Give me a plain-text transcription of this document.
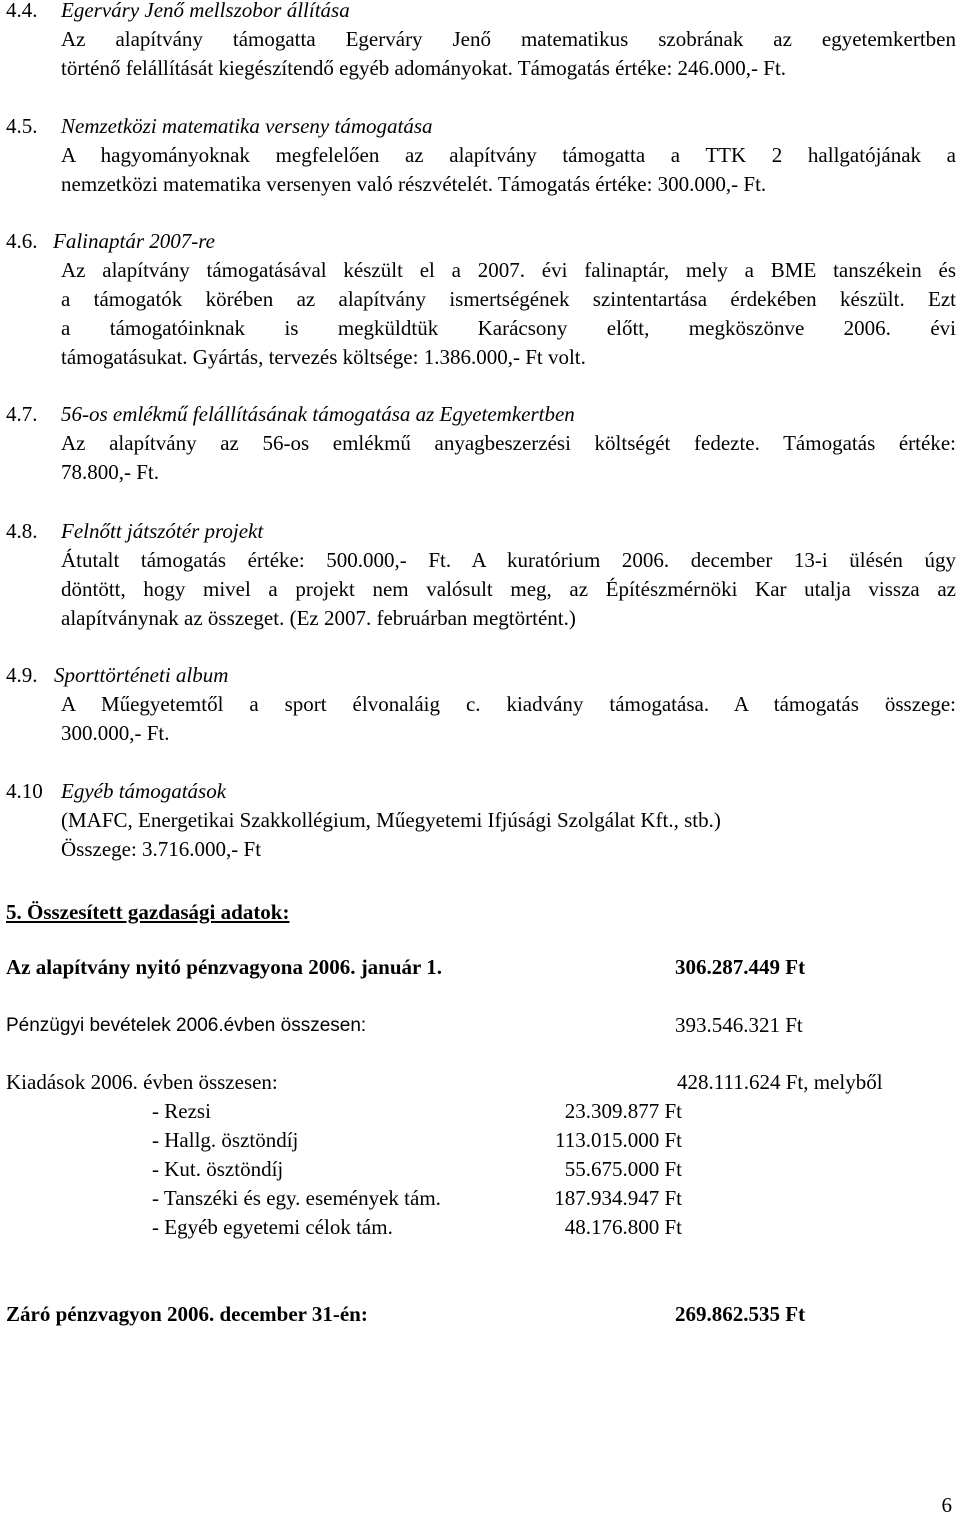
4.4. Egerváry Jenő mellszobor állítása
Az alapítvány támogatta Egerváry Jenő matematikus szobrának az egyetemkertben
történő felállítását kiegészítendő egyéb adományokat. Támogatás értéke: 246.000,- Ft.
4.5. Nemzetközi matematika verseny támogatása
A hagyományoknak megfelelően az alapítvány támogatta a TTK 2 hallgatójának a
nemzetközi matematika versenyen való részvételét. Támogatás értéke: 300.000,- Ft.
4.6. Falinaptár 2007-re
Az alapítvány támogatásával készült el a 2007. évi falinaptár, mely a BME tanszékein és
a támogatók körében az alapítvány ismertségének szintentartása érdekében készült. Ezt
a támogatóinknak is megküldtük Karácsony előtt, megköszönve 2006. évi
támogatásukat. Gyártás, tervezés költsége: 1.386.000,- Ft volt.
4.7. 56-os emlékmű felállításának támogatása az Egyetemkertben
Az alapítvány az 56-os emlékmű anyagbeszerzési költségét fedezte. Támogatás értéke:
78.800,- Ft.
4.8. Felnőtt játszótér projekt
Átutalt támogatás értéke: 500.000,- Ft. A kuratórium 2006. december 13-i ülésén úgy
döntött, hogy mivel a projekt nem valósult meg, az Építészmérnöki Kar utalja vissza az
alapítványnak az összeget. (Ez 2007. februárban megtörtént.)
4.9. Sporttörténeti album
A Műegyetemtől a sport élvonaláig c. kiadvány támogatása. A támogatás összege:
300.000,- Ft.
4.10 Egyéb támogatások
(MAFC, Energetikai Szakkollégium, Műegyetemi Ifjúsági Szolgálat Kft., stb.)
Összege: 3.716.000,- Ft
5. Összesített gazdasági adatok:
Az alapítvány nyitó pénzvagyona 2006. január 1.	306.287.449 Ft
Pénzügyi bevételek 2006.évben összesen:	393.546.321 Ft
Kiadások 2006. évben összesen:	428.111.624 Ft, melyből
- Rezsi	23.309.877 Ft
- Hallg. ösztöndíj	113.015.000 Ft
- Kut. ösztöndíj	55.675.000 Ft
- Tanszéki és egy. események tám.	187.934.947 Ft
- Egyéb egyetemi célok tám.	48.176.800 Ft
Záró pénzvagyon 2006. december 31-én:	269.862.535 Ft
6
